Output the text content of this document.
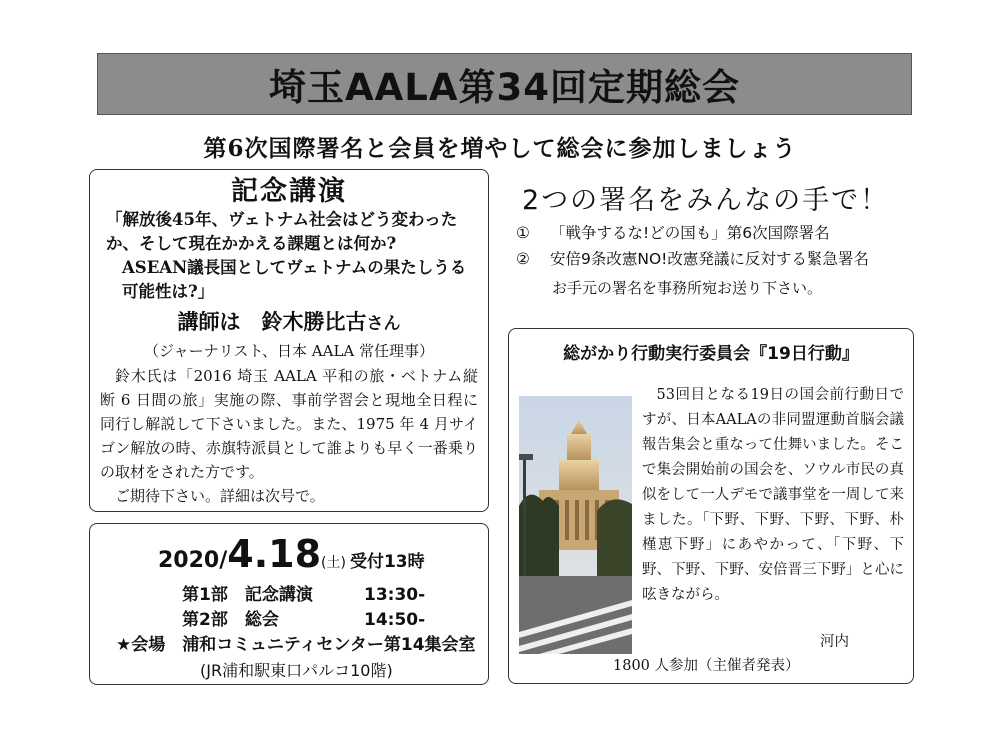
埼玉AALA第34回定期総会
第6次国際署名と会員を増やして総会に参加しましょう
記念講演

「解放後45年、ヴェトナム社会はどう変わったか、そして現在かかえる課題とは何か?

ASEAN議長国としてヴェトナムの果たしうる可能性は?」

講師は　鈴木勝比古さん
（ジャーナリスト、日本 AALA 常任理事）

鈴木氏は「2016 埼玉 AALA 平和の旅・ベトナム縦断 6 日間の旅」実施の際、事前学習会と現地全日程に同行し解説して下さいました。また、1975 年 4 月サイゴン解放の時、赤旗特派員として誰よりも早く一番乗りの取材をされた方です。

ご期待下さい。詳細は次号で。

2020/4.18(土) 受付13時
第1部　記念講演	13:30-
第2部　総会	14:50-
★会場　浦和コミュニティセンター第14集会室
(JR浦和駅東口パルコ10階)
2つの署名をみんなの手で！
①	「戦争するな!どの国も」第6次国際署名
②	安倍9条改憲NO!改憲発議に反対する緊急署名
お手元の署名を事務所宛お送り下さい。
総がかり行動実行委員会『19日行動』

53回目となる19日の国会前行動日ですが、日本AALAの非同盟運動首脳会議報告集会と重なって仕舞いました。そこで集会開始前の国会を、ソウル市民の真似をして一人デモで議事堂を一周して来ました。「下野、下野、下野、下野、朴槿恵下野」にあやかって、「下野、下野、下野、下野、安倍晋三下野」と心に呟きながら。

河内
1800 人参加（主催者発表）
